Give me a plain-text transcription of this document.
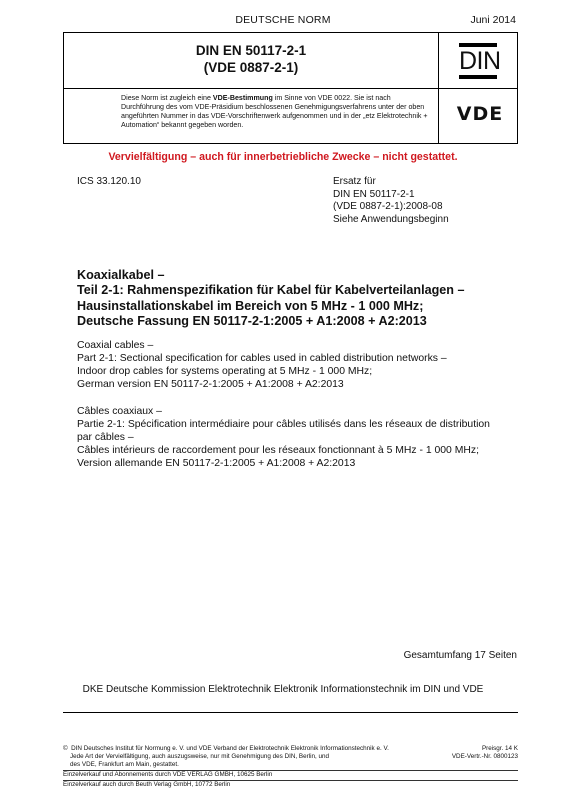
DEUTSCHE NORM	Juni 2014
DIN EN 50117-2-1
(VDE 0887-2-1)
Diese Norm ist zugleich eine VDE-Bestimmung im Sinne von VDE 0022. Sie ist nach Durchführung des vom VDE-Präsidium beschlossenen Genehmigungsverfahrens unter der oben angeführten Nummer in das VDE-Vorschriftenwerk aufgenommen und in der „etz Elektrotechnik + Automation“ bekannt gegeben worden.
DIN
VDE
Vervielfältigung – auch für innerbetriebliche Zwecke – nicht gestattet.
ICS 33.120.10	Ersatz für
DIN EN 50117-2-1
(VDE 0887-2-1):2008-08
Siehe Anwendungsbeginn
Koaxialkabel –
Teil 2-1: Rahmenspezifikation für Kabel für Kabelverteilanlagen –
Hausinstallationskabel im Bereich von 5 MHz - 1 000 MHz;
Deutsche Fassung EN 50117-2-1:2005 + A1:2008 + A2:2013
Coaxial cables –
Part 2-1: Sectional specification for cables used in cabled distribution networks –
Indoor drop cables for systems operating at 5 MHz - 1 000 MHz;
German version EN 50117-2-1:2005 + A1:2008 + A2:2013
Câbles coaxiaux –
Partie 2-1: Spécification intermédiaire pour câbles utilisés dans les réseaux de distribution
par câbles –
Câbles intérieurs de raccordement pour les réseaux fonctionnant à 5 MHz - 1 000 MHz;
Version allemande EN 50117-2-1:2005 + A1:2008 + A2:2013
Gesamtumfang 17 Seiten
DKE Deutsche Kommission Elektrotechnik Elektronik Informationstechnik im DIN und VDE
©  DIN Deutsches Institut für Normung e. V. und VDE Verband der Elektrotechnik Elektronik Informationstechnik e. V.
Jede Art der Vervielfältigung, auch auszugsweise, nur mit Genehmigung des DIN, Berlin, und
des VDE, Frankfurt am Main, gestattet.
Preisgr. 14 K
VDE-Vertr.-Nr. 0800123
Einzelverkauf und Abonnements durch VDE VERLAG GMBH, 10625 Berlin
Einzelverkauf auch durch Beuth Verlag GmbH, 10772 Berlin
